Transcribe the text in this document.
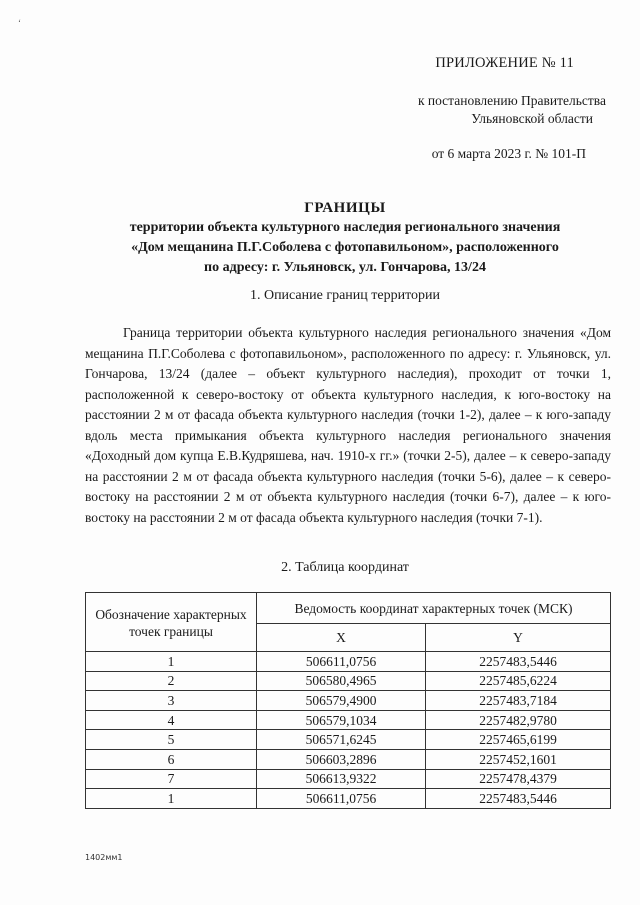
‘
ПРИЛОЖЕНИЕ № 11
к постановлению Правительства
Ульяновской области
от 6 марта 2023 г. № 101-П
ГРАНИЦЫ
территории объекта культурного наследия регионального значения
«Дом мещанина П.Г.Соболева с фотопавильоном», расположенного
по адресу: г. Ульяновск, ул. Гончарова, 13/24
1. Описание границ территории
Граница территории объекта культурного наследия регионального значения «Дом мещанина П.Г.Соболева с фотопавильоном», расположенного по адресу: г. Ульяновск, ул. Гончарова, 13/24 (далее – объект культурного наследия), проходит от точки 1, расположенной к северо-востоку от объекта культурного наследия, к юго-востоку на расстоянии 2 м от фасада объекта культурного наследия (точки 1-2), далее – к юго-западу вдоль места примыкания объекта культурного наследия регионального значения «Доходный дом купца Е.В.Кудряшева, нач. 1910-х гг.» (точки 2-5), далее – к северо-западу на расстоянии 2 м от фасада объекта культурного наследия (точки 5-6), далее – к северо-востоку на расстоянии 2 м от объекта культурного наследия (точки 6-7), далее – к юго-востоку на расстоянии 2 м от фасада объекта культурного наследия (точки 7-1).
2. Таблица координат
Обозначение характерных точек границы	Ведомость координат характерных точек (МСК)	
	X	Y
1	506611,0756	2257483,5446
2	506580,4965	2257485,6224
3	506579,4900	2257483,7184
4	506579,1034	2257482,9780
5	506571,6245	2257465,6199
6	506603,2896	2257452,1601
7	506613,9322	2257478,4379
1	506611,0756	2257483,5446
1402мм1
